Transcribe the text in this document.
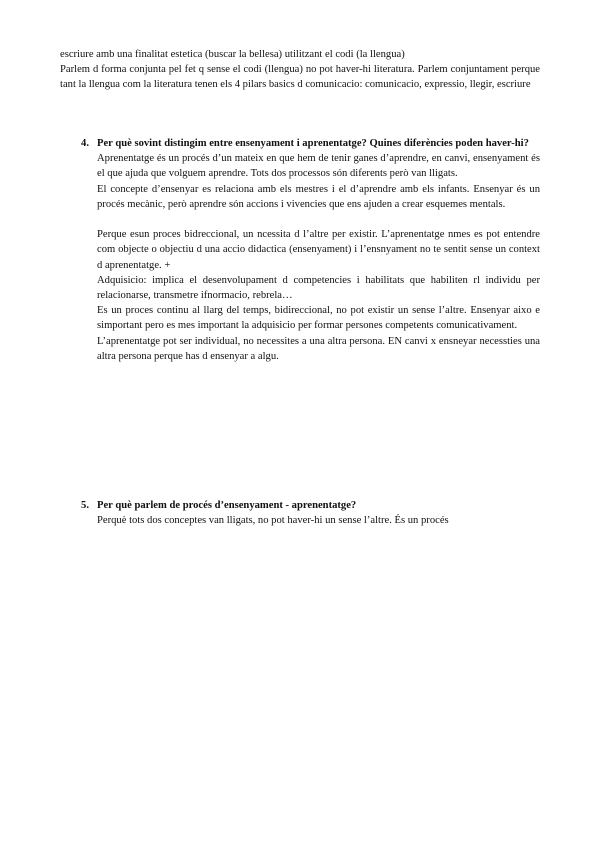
escriure amb una finalitat estetica (buscar la bellesa) utilitzant el codi (la llengua)

Parlem d forma conjunta pel fet q sense el codi (llengua) no pot haver-hi literatura. Parlem conjuntament perque tant la llengua com la literatura tenen els 4 pilars basics d comunicacio: comunicacio, expressio, llegir, escriure

4. Per què sovint distingim entre ensenyament i aprenentatge? Quines diferències poden haver-hi?

Aprenentatge és un procés d’un mateix en que hem de tenir ganes d’aprendre, en canvi, ensenyament és el que ajuda que volguem aprendre. Tots dos processos són diferents però van lligats.

El concepte d’ensenyar es relaciona amb els mestres i el d’aprendre amb els infants. Ensenyar és un procés mecànic, però aprendre són accions i vivencies que ens ajuden a crear esquemes mentals.

Perque esun proces bidreccional, un ncessita d l’altre per existir. L’aprenentatge nmes es pot entendre com objecte o objectiu d una accio didactica (ensenyament) i l’ensnyament no te sentit sense un context d aprenentatge. +

Adquisicio: implica el desenvolupament d competencies i habilitats que habiliten rl individu per relacionarse, transmetre ifnormacio, rebrela…

Es un proces continu al llarg del temps, bidireccional, no pot existir un sense l’altre. Ensenyar aixo e simportant pero es mes important la adquisicio per formar persones competents comunicativament.

L’aprenentatge pot ser individual, no necessites a una altra persona. EN canvi x ensneyar necessties una altra persona perque has d ensenyar a algu.

5. Per què parlem de procés d’ensenyament - aprenentatge?

Perquè tots dos conceptes van lligats, no pot haver-hi un sense l’altre. És un procés
